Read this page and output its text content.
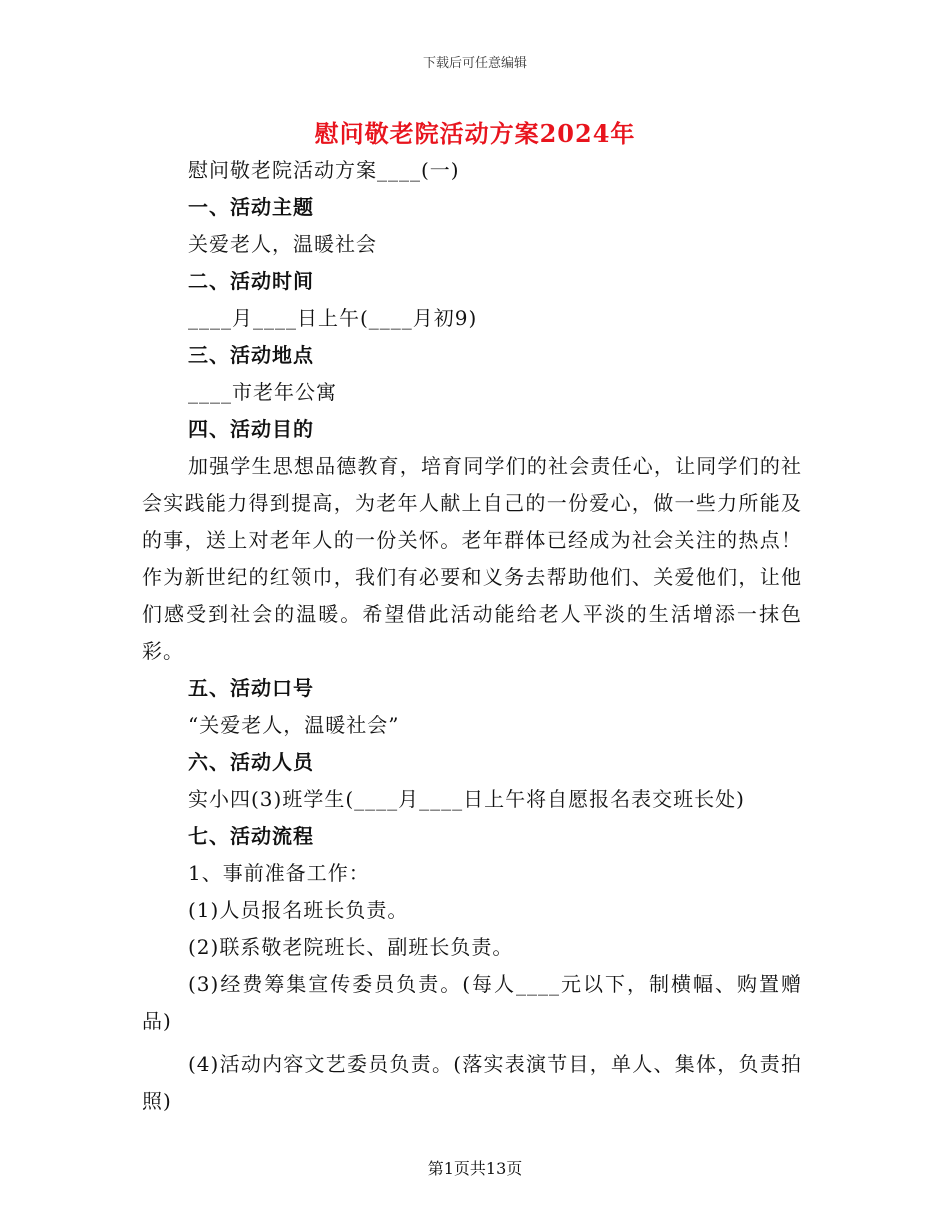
下载后可任意编辑
慰问敬老院活动方案2024年
慰问敬老院活动方案____(一)
一、活动主题
关爱老人，温暖社会
二、活动时间
____月____日上午(____月初9)
三、活动地点
____市老年公寓
四、活动目的
加强学生思想品德教育，培育同学们的社会责任心，让同学们的社会实践能力得到提高，为老年人献上自己的一份爱心，做一些力所能及的事，送上对老年人的一份关怀。老年群体已经成为社会关注的热点！作为新世纪的红领巾，我们有必要和义务去帮助他们、关爱他们，让他们感受到社会的温暖。希望借此活动能给老人平淡的生活增添一抹色彩。
五、活动口号
“关爱老人，温暖社会”
六、活动人员
实小四(3)班学生(____月____日上午将自愿报名表交班长处)
七、活动流程
1、事前准备工作：
(1)人员报名班长负责。
(2)联系敬老院班长、副班长负责。
(3)经费筹集宣传委员负责。(每人____元以下，制横幅、购置赠品)
(4)活动内容文艺委员负责。(落实表演节目，单人、集体，负责拍照)
第1页共13页
